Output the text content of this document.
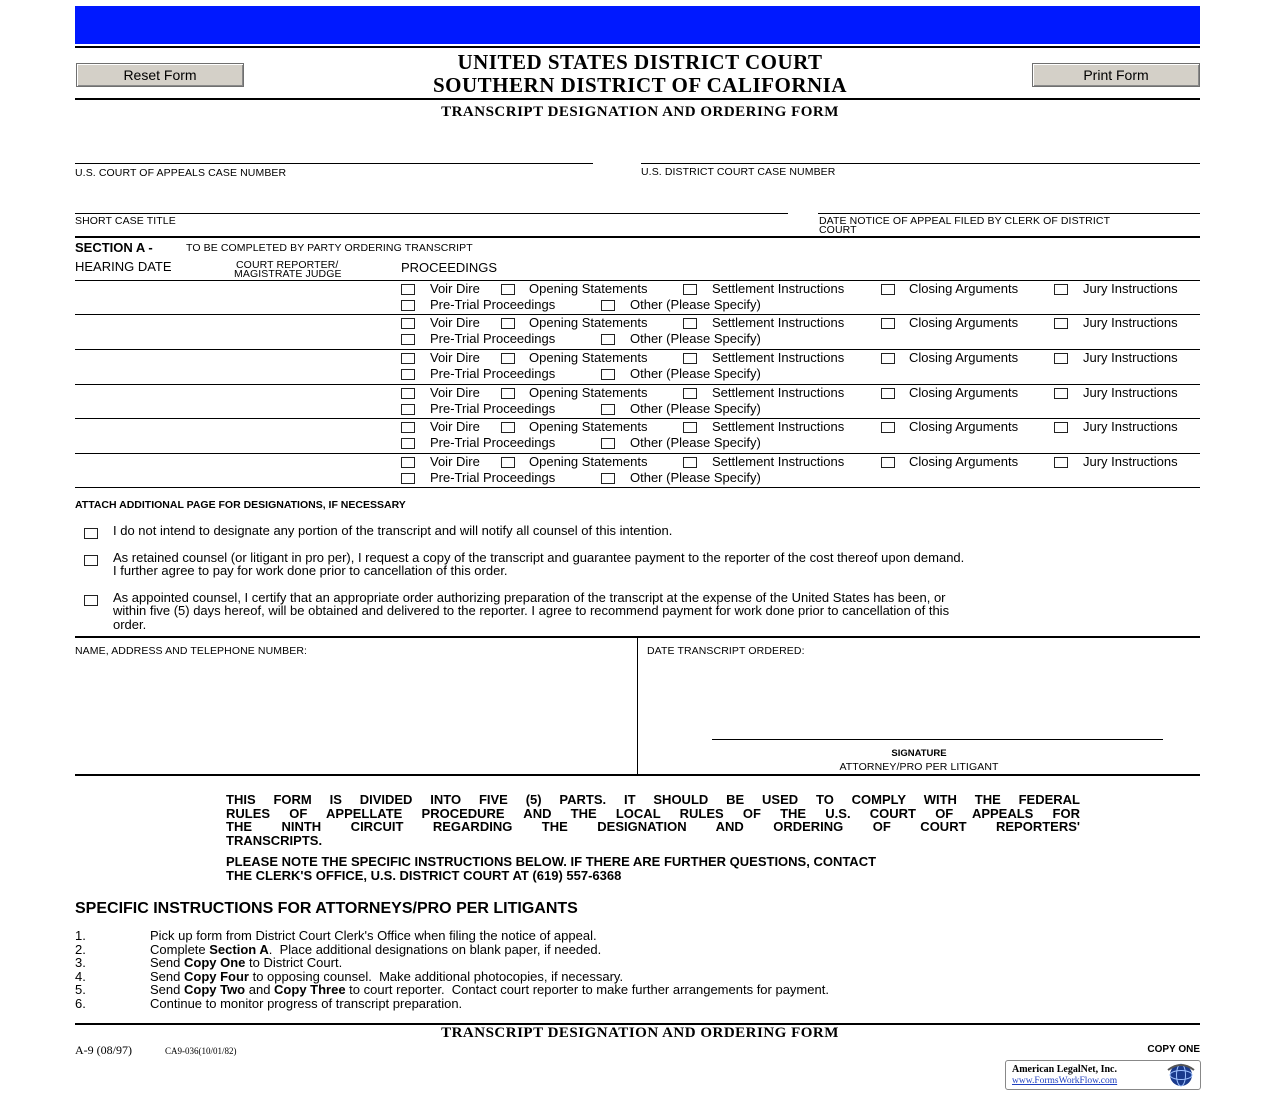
Reset Form	Print Form
UNITED STATES DISTRICT COURT
SOUTHERN DISTRICT OF CALIFORNIA
TRANSCRIPT DESIGNATION AND ORDERING FORM
U.S. COURT OF APPEALS CASE NUMBER	U.S. DISTRICT COURT CASE NUMBER
SHORT CASE TITLE	DATE NOTICE OF APPEAL FILED BY CLERK OF DISTRICT
COURT
SECTION A -	TO BE COMPLETED BY PARTY ORDERING TRANSCRIPT
HEARING DATE	COURT REPORTER/
MAGISTRATE JUDGE	PROCEEDINGS
Voir Dire	Opening Statements	Settlement Instructions	Closing Arguments	Jury Instructions
Pre-Trial Proceedings	Other (Please Specify)
Voir Dire	Opening Statements	Settlement Instructions	Closing Arguments	Jury Instructions
Pre-Trial Proceedings	Other (Please Specify)
Voir Dire	Opening Statements	Settlement Instructions	Closing Arguments	Jury Instructions
Pre-Trial Proceedings	Other (Please Specify)
Voir Dire	Opening Statements	Settlement Instructions	Closing Arguments	Jury Instructions
Pre-Trial Proceedings	Other (Please Specify)
Voir Dire	Opening Statements	Settlement Instructions	Closing Arguments	Jury Instructions
Pre-Trial Proceedings	Other (Please Specify)
Voir Dire	Opening Statements	Settlement Instructions	Closing Arguments	Jury Instructions
Pre-Trial Proceedings	Other (Please Specify)
ATTACH ADDITIONAL PAGE FOR DESIGNATIONS, IF NECESSARY
I do not intend to designate any portion of the transcript and will notify all counsel of this intention.
As retained counsel (or litigant in pro per), I request a copy of the transcript and guarantee payment to the reporter of the cost thereof upon demand.
I further agree to pay for work done prior to cancellation of this order.
As appointed counsel, I certify that an appropriate order authorizing preparation of the transcript at the expense of the United States has been, or
within five (5) days hereof, will be obtained and delivered to the reporter. I agree to recommend payment for work done prior to cancellation of this
order.
NAME, ADDRESS AND TELEPHONE NUMBER:	DATE TRANSCRIPT ORDERED:
SIGNATURE
ATTORNEY/PRO PER LITIGANT
THIS FORM IS DIVIDED INTO FIVE (5) PARTS. IT SHOULD BE USED TO COMPLY WITH THE FEDERAL
RULES OF APPELLATE PROCEDURE AND THE LOCAL RULES OF THE U.S. COURT OF APPEALS FOR
THE NINTH CIRCUIT REGARDING THE DESIGNATION AND ORDERING OF COURT REPORTERS'
TRANSCRIPTS.
PLEASE NOTE THE SPECIFIC INSTRUCTIONS BELOW. IF THERE ARE FURTHER QUESTIONS, CONTACT
THE CLERK'S OFFICE, U.S. DISTRICT COURT AT (619) 557-6368
SPECIFIC INSTRUCTIONS FOR ATTORNEYS/PRO PER LITIGANTS
1.	Pick up form from District Court Clerk's Office when filing the notice of appeal.
2.	Complete Section A.  Place additional designations on blank paper, if needed.
3.	Send Copy One to District Court.
4.	Send Copy Four to opposing counsel.  Make additional photocopies, if necessary.
5.	Send Copy Two and Copy Three to court reporter.  Contact court reporter to make further arrangements for payment.
6.	Continue to monitor progress of transcript preparation.
TRANSCRIPT DESIGNATION AND ORDERING FORM
A-9 (08/97)	CA9-036(10/01/82)	COPY ONE
American LegalNet, Inc.
www.FormsWorkFlow.com
